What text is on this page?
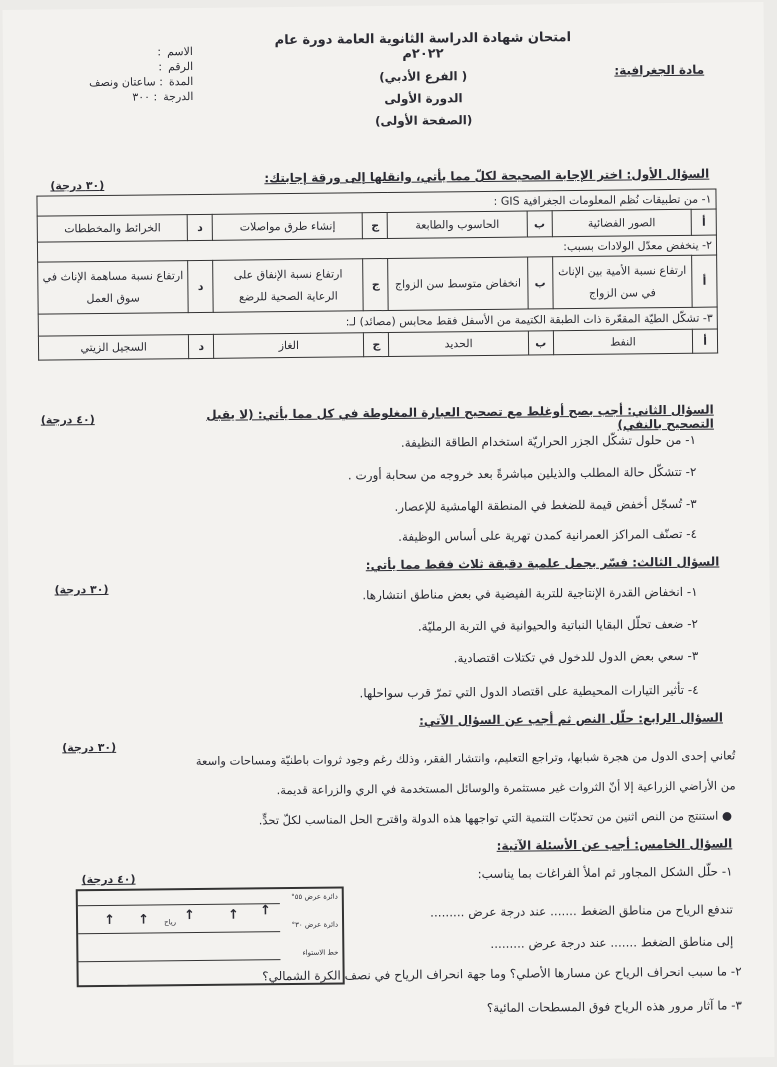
الاسم
:
الرقم
:
المدة
: ساعتان ونصف
الدرجة
: ٣٠٠
امتحان شهادة الدراسة الثانوية العامة دورة عام ٢٠٢٢م
( الفرع الأدبي)
الدورة الأولى
(الصفحة الأولى)
مادة الجغرافية:
السؤال الأول: اختر الإجابة الصحيحة لكلّ مما يأتي، وانقلها إلى ورقة إجابتك:
(٣٠ درجة)
١- من تطبيقات نُظم المعلومات الجغرافية GIS :							
أ	الصور الفضائية	ب	الحاسوب والطابعة	ج	إنشاء طرق مواصلات	د	الخرائط والمخططات
٢- ينخفض معدّل الولادات بسبب:							
أ	ارتفاع نسبة الأمية بين الإناث في سن الزواج	ب	انخفاض متوسط سن الزواج	ج	ارتفاع نسبة الإنفاق على الرعاية الصحية للرضع	د	ارتفاع نسبة مساهمة الإناث في سوق العمل
٣- تشكّل الطيّة المقعّرة ذات الطبقة الكتيمة من الأسفل فقط محابس (مصائد) لـ:							
أ	النفط	ب	الحديد	ج	الغاز	د	السجيل الزيتي
السؤال الثاني: أجب بصح أوغلط مع تصحيح العبارة المغلوطة في كل مما يأتي: (لا يقبل التصحيح بالنفي)
(٤٠ درجة)
١- من حلول تشكّل الجزر الحراريّة استخدام الطاقة النظيفة.
٢- تتشكّل حالة المطلب والذيلين مباشرةً بعد خروجه من سحابة أورت .
٣- تُسجّل أخفض قيمة للضغط في المنطقة الهامشية للإعصار.
٤- تصنّف المراكز العمرانية كمدن تهرية على أساس الوظيفة.
السؤال الثالث: فسّر بجمل علمية دقيقة ثلاث فقط مما يأتي:
(٣٠ درجة)	١- انخفاض القدرة الإنتاجية للتربة الفيضية في بعض مناطق انتشارها.
٢- ضعف تحلّل البقايا النباتية والحيوانية في التربة الرمليّة.
٣- سعي بعض الدول للدخول في تكتلات اقتصادية.
٤- تأثير التيارات المحيطية على اقتصاد الدول التي تمرّ قرب سواحلها.
السؤال الرابع: حلّل النص ثم أجب عن السؤال الآتي:
(٣٠ درجة)
تُعاني إحدى الدول من هجرة شبابها، وتراجع التعليم، وانتشار الفقر، وذلك رغم وجود ثروات باطنيّة ومساحات واسعة
من الأراضي الزراعية إلا أنّ الثروات غير مستثمرة والوسائل المستخدمة في الري والزراعة قديمة.
● استنتج من النص اثنين من تحديّات التنمية التي تواجهها هذه الدولة واقترح الحل المناسب لكلّ تحدٍّ.
السؤال الخامس: أجب عن الأسئلة الآتية:
(٤٠ درجة)
دائرة عرض ٥٥°
دائرة عرض ٣٠°
خط الاستواء
↑ ↑	↑	↑ ↑
رياح
١- حلّل الشكل المجاور ثم املأ الفراغات بما يناسب:
تندفع الرياح من مناطق الضغط ....... عند درجة عرض .........
إلى مناطق الضغط ....... عند درجة عرض .........
٢- ما سبب انحراف الرياح عن مسارها الأصلي؟ وما جهة انحراف الرياح في نصف الكرة الشمالي؟
٣- ما آثار مرور هذه الرياح فوق المسطحات المائية؟
